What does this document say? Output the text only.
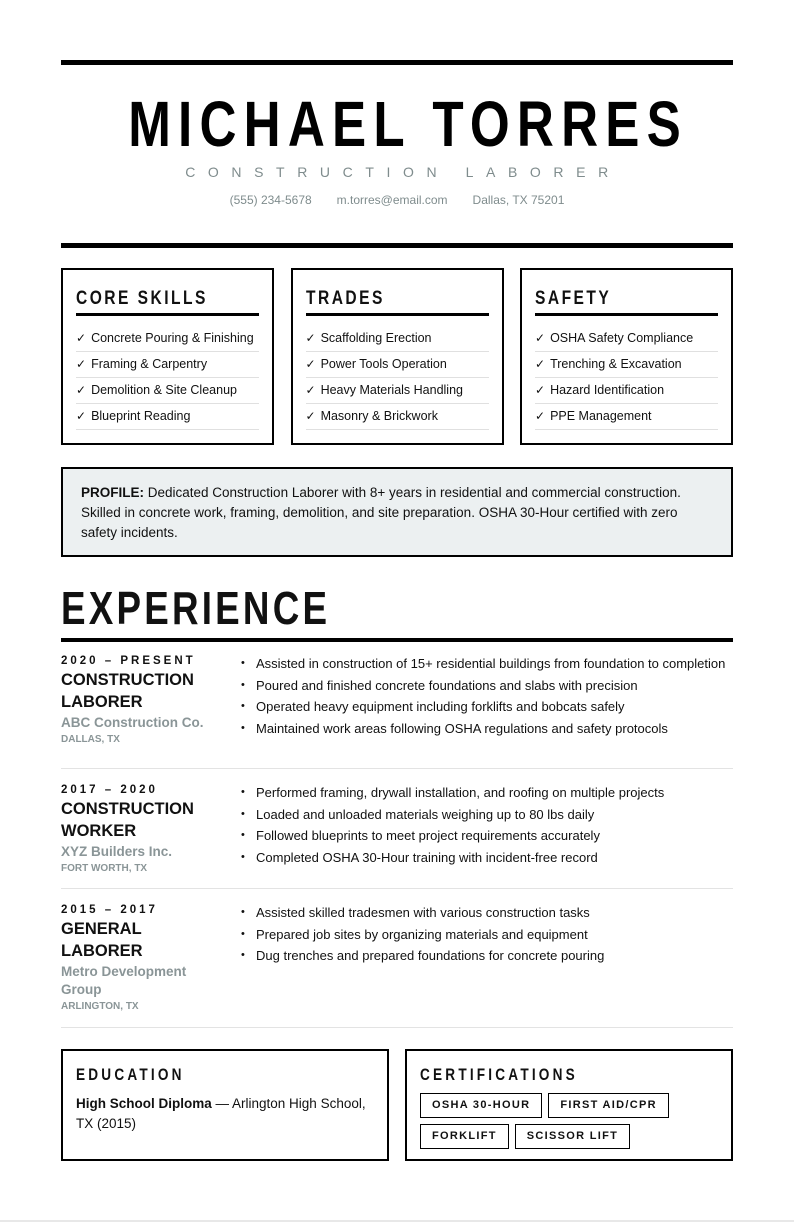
MICHAEL TORRES
CONSTRUCTION LABORER
(555) 234-5678 m.torres@email.com Dallas, TX 75201
CORE SKILLS
✓ Concrete Pouring & Finishing
✓ Framing & Carpentry
✓ Demolition & Site Cleanup
✓ Blueprint Reading
TRADES
✓ Scaffolding Erection
✓ Power Tools Operation
✓ Heavy Materials Handling
✓ Masonry & Brickwork
SAFETY
✓ OSHA Safety Compliance
✓ Trenching & Excavation
✓ Hazard Identification
✓ PPE Management
PROFILE: Dedicated Construction Laborer with 8+ years in residential and commercial construction. Skilled in concrete work, framing, demolition, and site preparation. OSHA 30-Hour certified with zero safety incidents.
EXPERIENCE
2020 – PRESENT
CONSTRUCTION LABORER
ABC Construction Co.
DALLAS, TX
• Assisted in construction of 15+ residential buildings from foundation to completion
• Poured and finished concrete foundations and slabs with precision
• Operated heavy equipment including forklifts and bobcats safely
• Maintained work areas following OSHA regulations and safety protocols
2017 – 2020
CONSTRUCTION WORKER
XYZ Builders Inc.
FORT WORTH, TX
• Performed framing, drywall installation, and roofing on multiple projects
• Loaded and unloaded materials weighing up to 80 lbs daily
• Followed blueprints to meet project requirements accurately
• Completed OSHA 30-Hour training with incident-free record
2015 – 2017
GENERAL LABORER
Metro Development Group
ARLINGTON, TX
• Assisted skilled tradesmen with various construction tasks
• Prepared job sites by organizing materials and equipment
• Dug trenches and prepared foundations for concrete pouring
EDUCATION
High School Diploma — Arlington High School, TX (2015)
CERTIFICATIONS
OSHA 30-HOUR	FIRST AID/CPR
FORKLIFT	SCISSOR LIFT
